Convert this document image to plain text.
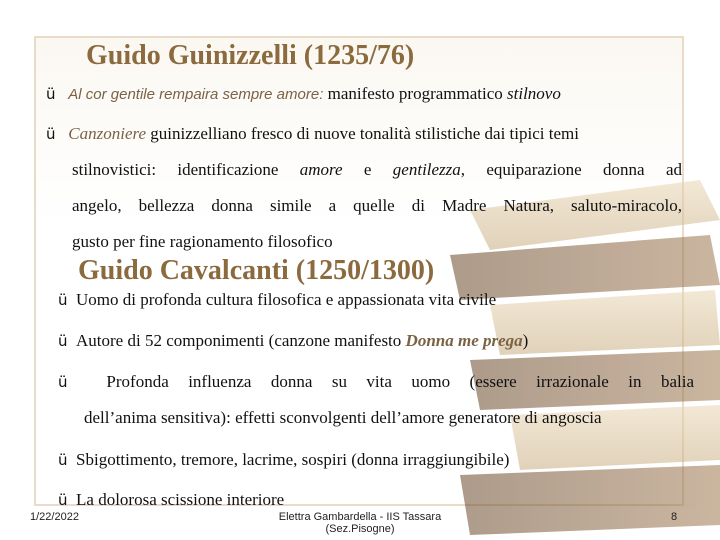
Guido Guinizzelli (1235/76)
ü Al cor gentile rempaira sempre amore: manifesto programmatico stilnovo
ü Canzoniere guinizzelliano fresco di nuove tonalità stilistiche dai tipici temi
stilnovistici: identificazione amore e gentilezza, equiparazione donna ad
angelo, bellezza donna simile a quelle di Madre Natura, saluto-miracolo,
gusto per fine ragionamento filosofico
Guido Cavalcanti (1250/1300)
ü Uomo di profonda cultura filosofica e appassionata vita civile
ü Autore di 52 componimenti (canzone manifesto Donna me prega)
ü Profonda influenza donna su vita uomo (essere irrazionale in balia
dell’anima sensitiva): effetti sconvolgenti dell’amore generatore di angoscia
ü Sbigottimento, tremore, lacrime, sospiri (donna irraggiungibile)
ü La dolorosa scissione interiore
1/22/2022	Elettra Gambardella - IIS Tassara
(Sez.Pisogne)
8
